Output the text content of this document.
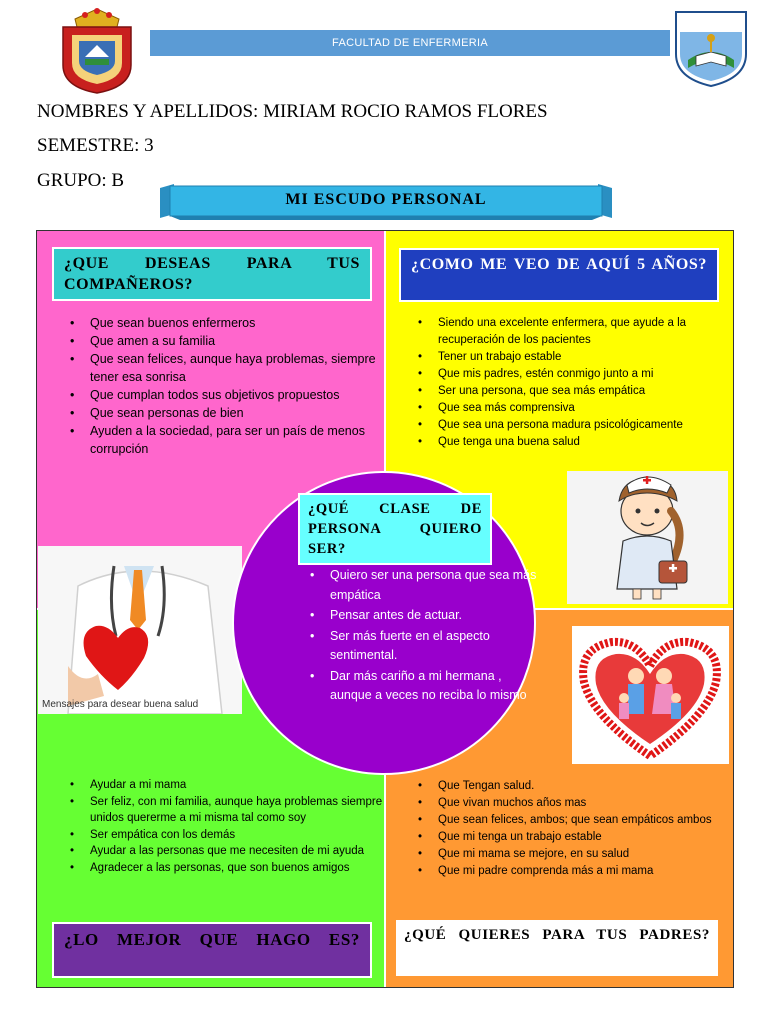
FACULTAD DE ENFERMERIA
NOMBRES Y APELLIDOS: MIRIAM ROCIO RAMOS FLORES
SEMESTRE: 3
GRUPO: B
MI ESCUDO PERSONAL
¿QUE DESEAS PARA TUS COMPAÑEROS?
• Que sean buenos enfermeros
• Que amen a su familia
• Que sean felices, aunque haya problemas, siempre tener esa sonrisa
• Que cumplan todos sus objetivos propuestos
• Que sean personas de bien
• Ayuden a la sociedad, para ser un país de menos corrupción
¿COMO ME VEO DE AQUÍ 5 AÑOS?
• Siendo una excelente enfermera, que ayude a la recuperación de los pacientes
• Tener un trabajo estable
• Que mis padres, estén conmigo junto a mi
• Ser una persona, que sea más empática
• Que sea más comprensiva
• Que sea una persona madura psicológicamente
• Que tenga una buena salud
Mensajes para desear buena salud
• Ayudar a mi mama
• Ser feliz, con mi familia, aunque haya problemas siempre unidos quererme a mi misma tal como soy
• Ser empática con los demás
• Ayudar a las personas que me necesiten de mi ayuda
• Agradecer a las personas, que son buenos amigos
¿LO MEJOR QUE HAGO ES?
• Que Tengan salud.
• Que vivan muchos años mas
• Que sean felices, ambos; que sean empáticos ambos
• Que mi tenga un trabajo estable
• Que mi mama se mejore, en su salud
• Que mi padre comprenda más a mi mama
¿QUÉ QUIERES PARA TUS PADRES?
¿QUÉ CLASE DE PERSONA QUIERO SER?
• Quiero ser una persona que sea más empática
• Pensar antes de actuar.
• Ser más fuerte en el aspecto sentimental.
• Dar más cariño a mi hermana , aunque a veces no reciba lo mismo
